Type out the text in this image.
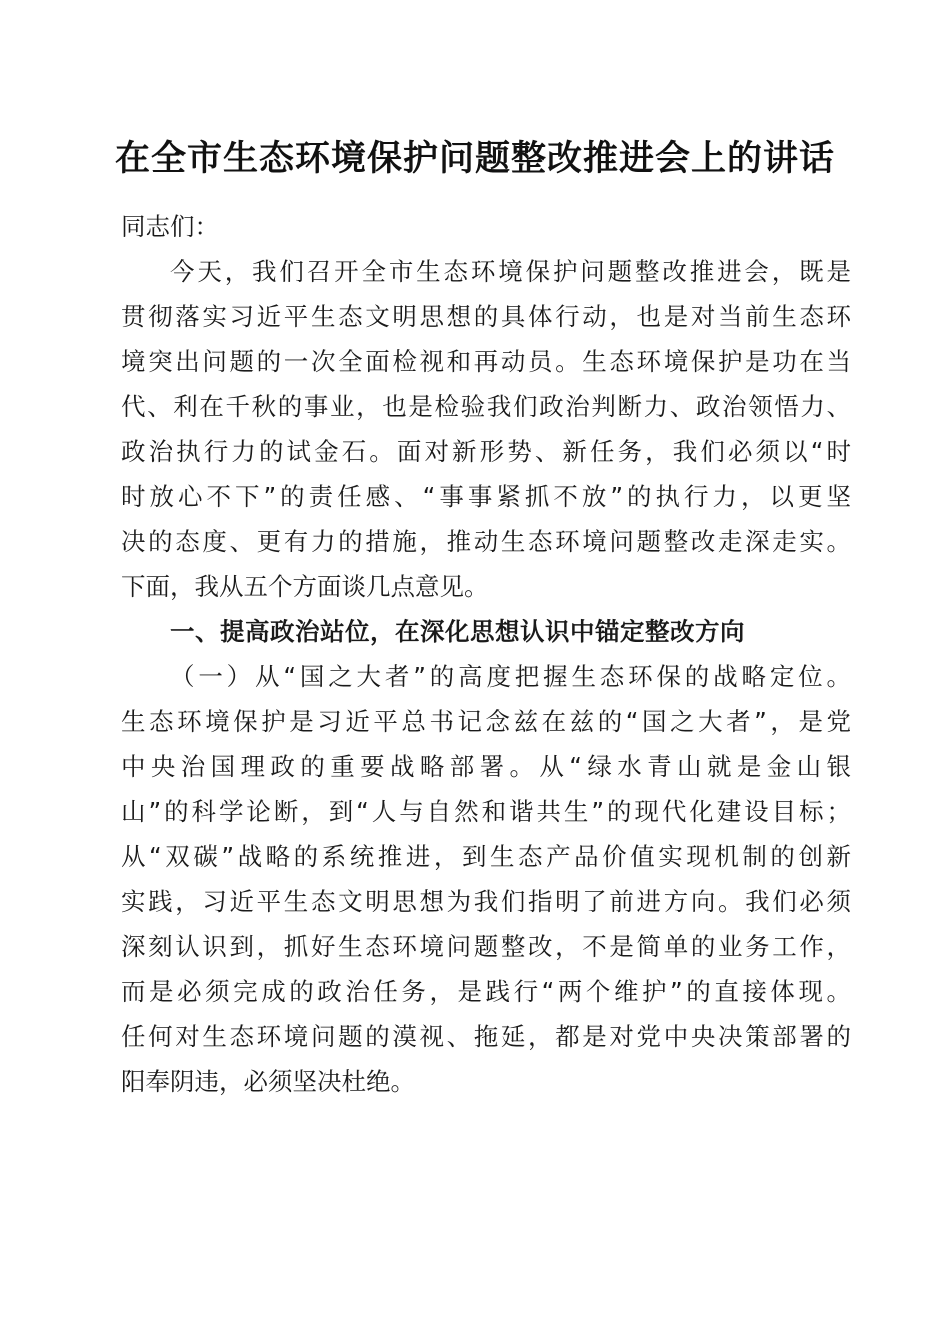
在全市生态环境保护问题整改推进会上的讲话

同志们：

今天，我们召开全市生态环境保护问题整改推进会，既是
贯彻落实习近平生态文明思想的具体行动，也是对当前生态环
境突出问题的一次全面检视和再动员。生态环境保护是功在当
代、利在千秋的事业，也是检验我们政治判断力、政治领悟力、
政治执行力的试金石。面对新形势、新任务，我们必须以“时
时放心不下”的责任感、“事事紧抓不放”的执行力，以更坚
决的态度、更有力的措施，推动生态环境问题整改走深走实。
下面，我从五个方面谈几点意见。

一、提高政治站位，在深化思想认识中锚定整改方向

（一）从“国之大者”的高度把握生态环保的战略定位。
生态环境保护是习近平总书记念兹在兹的“国之大者”，是党
中央治国理政的重要战略部署。从“绿水青山就是金山银
山”的科学论断，到“人与自然和谐共生”的现代化建设目标；
从“双碳”战略的系统推进，到生态产品价值实现机制的创新
实践，习近平生态文明思想为我们指明了前进方向。我们必须
深刻认识到，抓好生态环境问题整改，不是简单的业务工作，
而是必须完成的政治任务，是践行“两个维护”的直接体现。
任何对生态环境问题的漠视、拖延，都是对党中央决策部署的
阳奉阴违，必须坚决杜绝。
